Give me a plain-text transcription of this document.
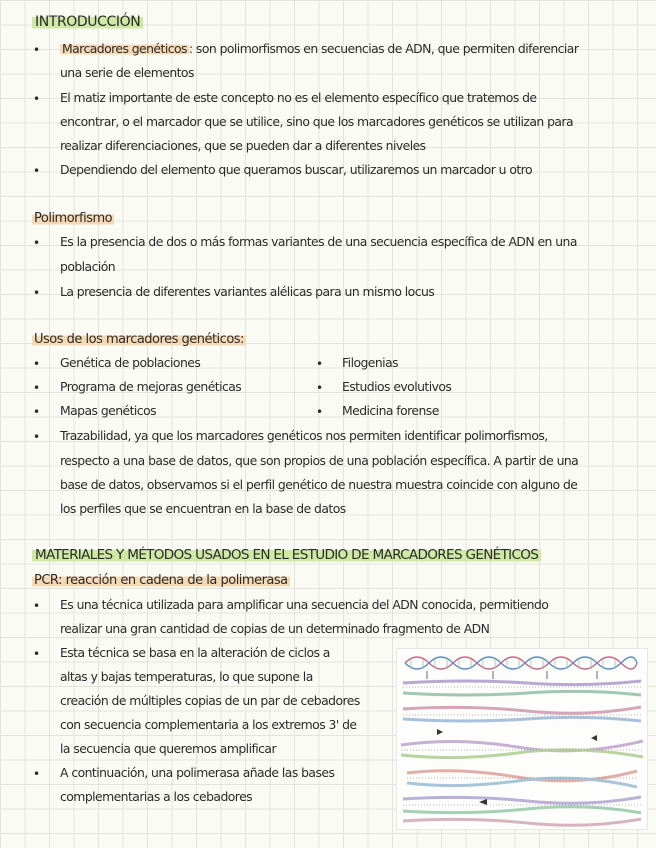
INTRODUCCIÓN
• Marcadores genéticos : son polimorfismos en secuencias de ADN, que permiten diferenciar
una serie de elementos
• El matiz importante de este concepto no es el elemento específico que tratemos de
encontrar, o el marcador que se utilice, sino que los marcadores genéticos se utilizan para
realizar diferenciaciones, que se pueden dar a diferentes niveles
• Dependiendo del elemento que queramos buscar, utilizaremos un marcador u otro
Polimorfismo
• Es la presencia de dos o más formas variantes de una secuencia específica de ADN en una
población
• La presencia de diferentes variantes alélicas para un mismo locus
Usos de los marcadores genéticos:
• Genética de poblaciones	• Filogenias
• Programa de mejoras genéticas	• Estudios evolutivos
• Mapas genéticos	• Medicina forense
• Trazabilidad, ya que los marcadores genéticos nos permiten identificar polimorfismos,
respecto a una base de datos, que son propios de una población específica. A partir de una
base de datos, observamos si el perfil genético de nuestra muestra coincide con alguno de
los perfiles que se encuentran en la base de datos
MATERIALES Y MÉTODOS USADOS EN EL ESTUDIO DE MARCADORES GENÉTICOS
PCR: reacción en cadena de la polimerasa
• Es una técnica utilizada para amplificar una secuencia del ADN conocida, permitiendo
realizar una gran cantidad de copias de un determinado fragmento de ADN
• Esta técnica se basa en la alteración de ciclos a
altas y bajas temperaturas, lo que supone la
creación de múltiples copias de un par de cebadores
con secuencia complementaria a los extremos 3' de
la secuencia que queremos amplificar
• A continuación, una polimerasa añade las bases
complementarias a los cebadores
